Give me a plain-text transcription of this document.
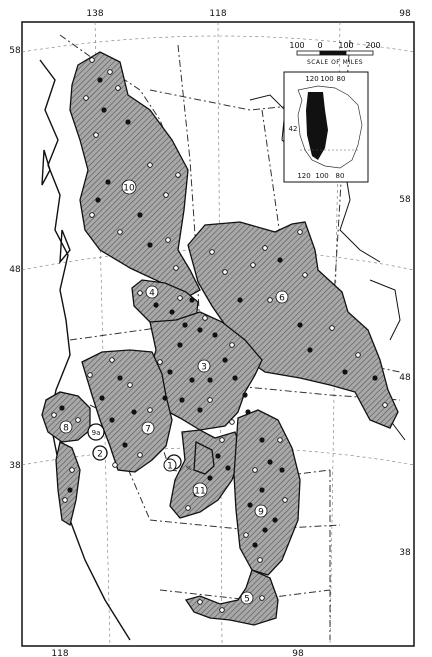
1
2
3
4
5
6
7
8
9
10
11
9a
138	118	98
58
48
38
58
48
38
118	98
100 0 100 200
SCALE OF MILES
120 100 80
42
120 100 80
%
